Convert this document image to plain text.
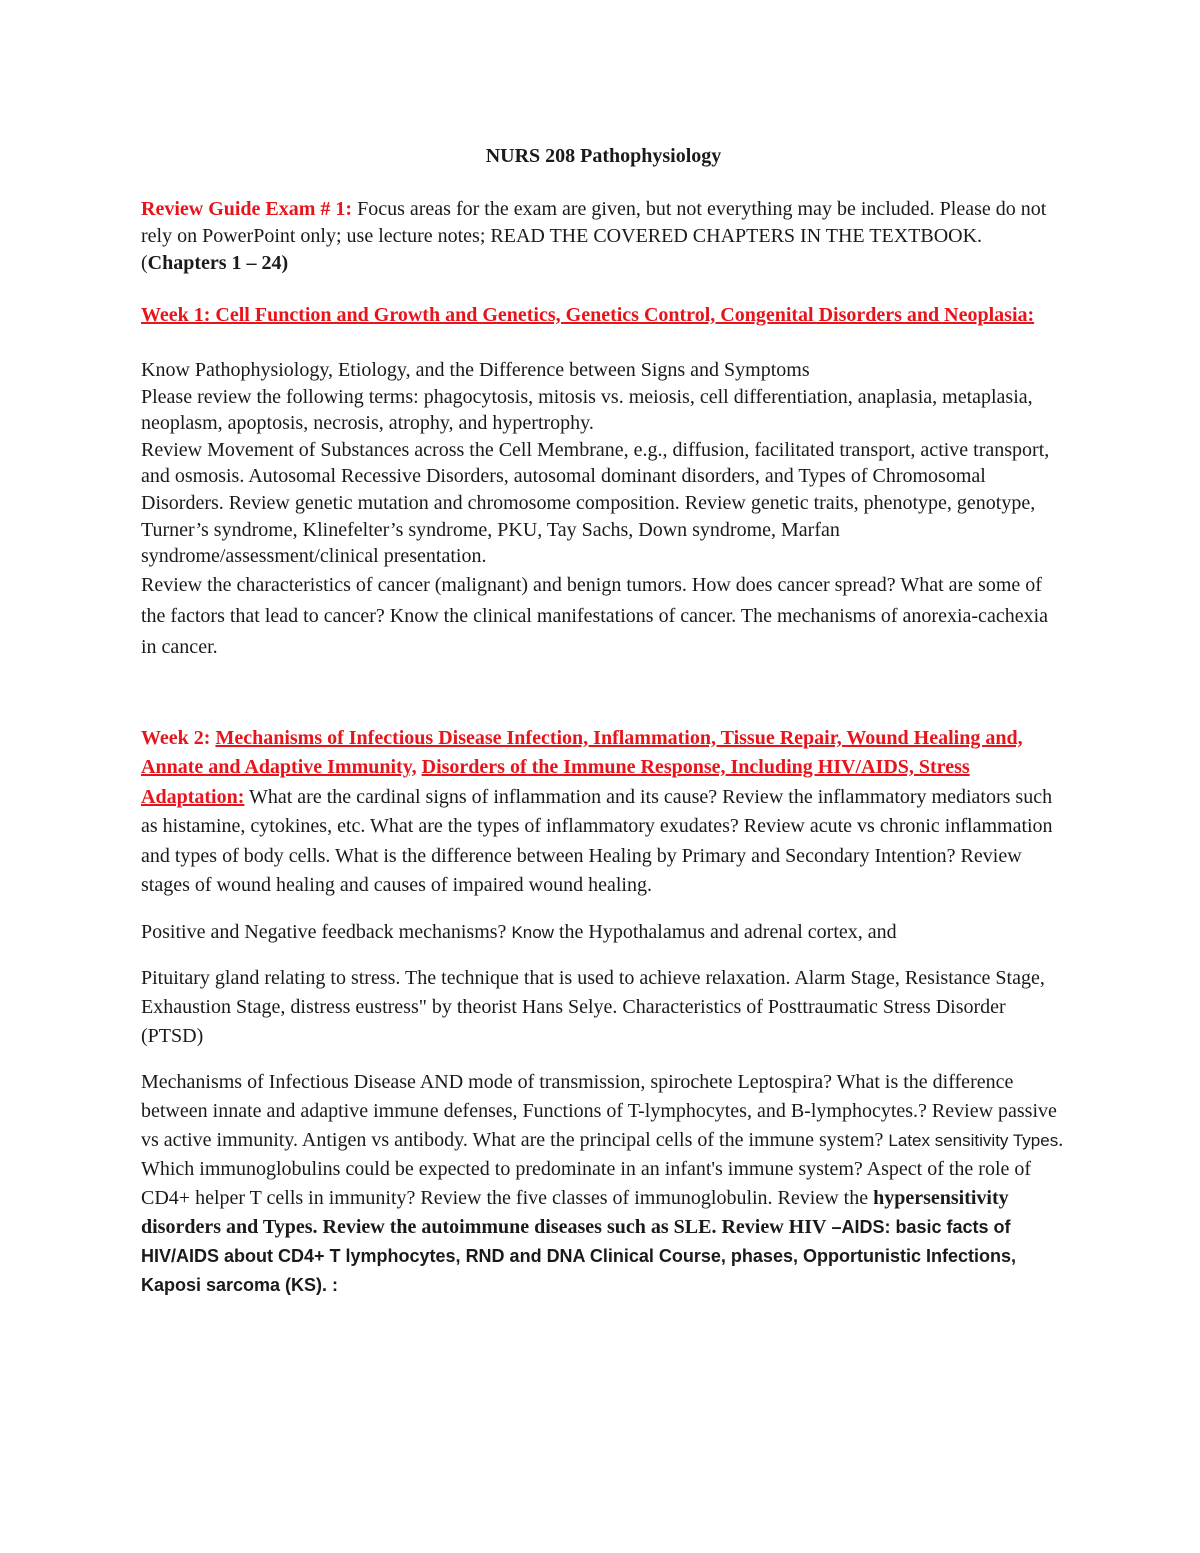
NURS 208 Pathophysiology

Review Guide Exam # 1: Focus areas for the exam are given, but not everything may be included. Please do not rely on PowerPoint only; use lecture notes; READ THE COVERED CHAPTERS IN THE TEXTBOOK. (Chapters 1 – 24)

Week 1: Cell Function and Growth and Genetics, Genetics Control, Congenital Disorders and Neoplasia:

Know Pathophysiology, Etiology, and the Difference between Signs and Symptoms

Please review the following terms: phagocytosis, mitosis vs. meiosis, cell differentiation, anaplasia, metaplasia, neoplasm, apoptosis, necrosis, atrophy, and hypertrophy.

Review Movement of Substances across the Cell Membrane, e.g., diffusion, facilitated transport, active transport, and osmosis. Autosomal Recessive Disorders, autosomal dominant disorders, and Types of Chromosomal Disorders. Review genetic mutation and chromosome composition. Review genetic traits, phenotype, genotype, Turner’s syndrome, Klinefelter’s syndrome, PKU, Tay Sachs, Down syndrome, Marfan syndrome/assessment/clinical presentation.

Review the characteristics of cancer (malignant) and benign tumors. How does cancer spread? What are some of the factors that lead to cancer? Know the clinical manifestations of cancer. The mechanisms of anorexia-cachexia in cancer.

Week 2: Mechanisms of Infectious Disease Infection, Inflammation, Tissue Repair, Wound Healing and, Annate and Adaptive Immunity, Disorders of the Immune Response, Including HIV/AIDS, Stress Adaptation: What are the cardinal signs of inflammation and its cause? Review the inflammatory mediators such as histamine, cytokines, etc. What are the types of inflammatory exudates? Review acute vs chronic inflammation and types of body cells. What is the difference between Healing by Primary and Secondary Intention? Review stages of wound healing and causes of impaired wound healing.

Positive and Negative feedback mechanisms? Know the Hypothalamus and adrenal cortex, and

Pituitary gland relating to stress. The technique that is used to achieve relaxation. Alarm Stage, Resistance Stage, Exhaustion Stage, distress eustress" by theorist Hans Selye. Characteristics of Posttraumatic Stress Disorder (PTSD)

Mechanisms of Infectious Disease AND mode of transmission, spirochete Leptospira? What is the difference between innate and adaptive immune defenses, Functions of T-lymphocytes, and B-lymphocytes.? Review passive vs active immunity. Antigen vs antibody. What are the principal cells of the immune system? Latex sensitivity Types. Which immunoglobulins could be expected to predominate in an infant's immune system? Aspect of the role of CD4+ helper T cells in immunity? Review the five classes of immunoglobulin. Review the hypersensitivity disorders and Types. Review the autoimmune diseases such as SLE. Review HIV –AIDS: basic facts of HIV/AIDS about CD4+ T lymphocytes, RND and DNA Clinical Course, phases, Opportunistic Infections, Kaposi sarcoma (KS). :
